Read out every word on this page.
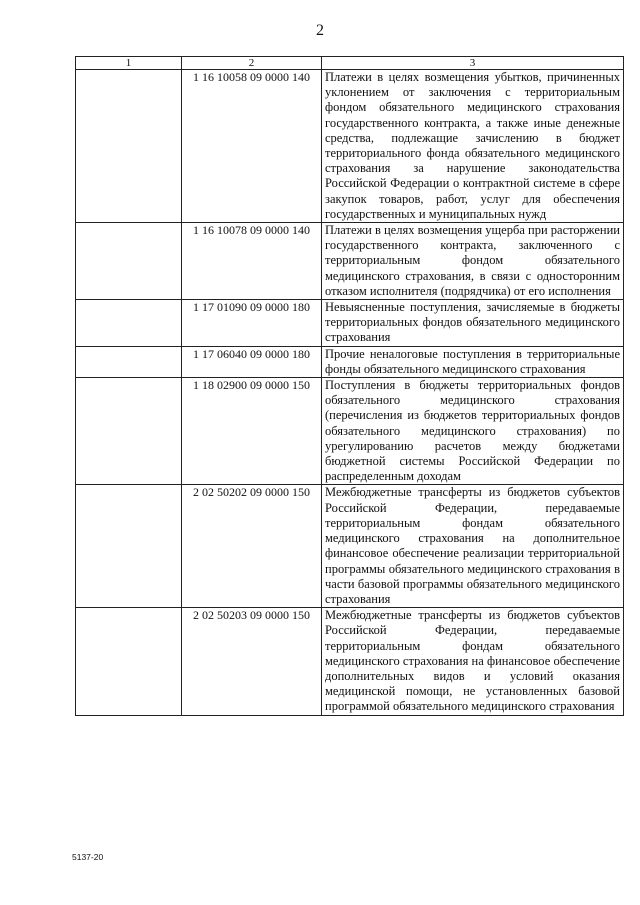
2
1	2	3
	1 16 10058 09 0000 140	Платежи в целях возмещения убытков, причиненных уклонением от заключения с территориальным фондом обязательного медицинского страхования государственного контракта, а также иные денежные средства, подлежащие зачислению в бюджет территориального фонда обязательного медицинского страхования за нарушение законодательства Российской Федерации о контрактной системе в сфере закупок товаров, работ, услуг для обеспечения государственных и муниципальных нужд
	1 16 10078 09 0000 140	Платежи в целях возмещения ущерба при расторжении государственного контракта, заключенного с территориальным фондом обязательного медицинского страхования, в связи с односторонним отказом исполнителя (подрядчика) от его исполнения
	1 17 01090 09 0000 180	Невыясненные поступления, зачисляемые в бюджеты территориальных фондов обязательного медицинского страхования
	1 17 06040 09 0000 180	Прочие неналоговые поступления в территориальные фонды обязательного медицинского страхования
	1 18 02900 09 0000 150	Поступления в бюджеты территориальных фондов обязательного медицинского страхования (перечисления из бюджетов территориальных фондов обязательного медицинского страхования) по урегулированию расчетов между бюджетами бюджетной системы Российской Федерации по распределенным доходам
	2 02 50202 09 0000 150	Межбюджетные трансферты из бюджетов субъектов Российской Федерации, передаваемые территориальным фондам обязательного медицинского страхования на дополнительное финансовое обеспечение реализации территориальной программы обязательного медицинского страхования в части базовой программы обязательного медицинского страхования
	2 02 50203 09 0000 150	Межбюджетные трансферты из бюджетов субъектов Российской Федерации, передаваемые территориальным фондам обязательного медицинского страхования на финансовое обеспечение дополнительных видов и условий оказания медицинской помощи, не установленных базовой программой обязательного медицинского страхования
5137-20
